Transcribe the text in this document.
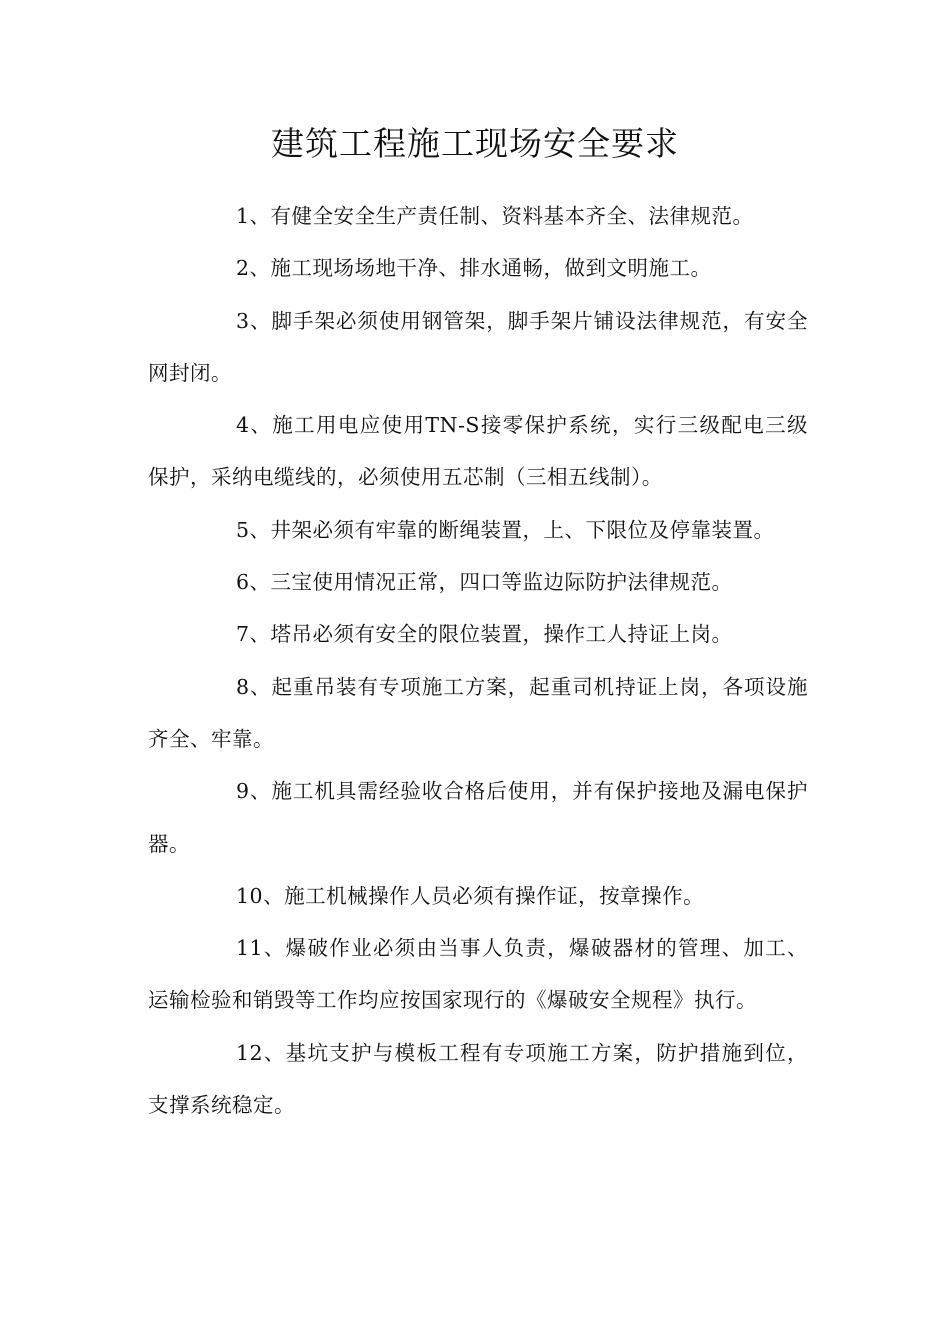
建筑工程施工现场安全要求

1、有健全安全生产责任制、资料基本齐全、法律规范。

2、施工现场场地干净、排水通畅，做到文明施工。

3、脚手架必须使用钢管架，脚手架片铺设法律规范，有安全网封闭。

4、施工用电应使用TN-S接零保护系统，实行三级配电三级保护，采纳电缆线的，必须使用五芯制（三相五线制）。

5、井架必须有牢靠的断绳装置，上、下限位及停靠装置。

6、三宝使用情况正常，四口等监边际防护法律规范。

7、塔吊必须有安全的限位装置，操作工人持证上岗。

8、起重吊装有专项施工方案，起重司机持证上岗，各项设施齐全、牢靠。

9、施工机具需经验收合格后使用，并有保护接地及漏电保护器。

10、施工机械操作人员必须有操作证，按章操作。

11、爆破作业必须由当事人负责，爆破器材的管理、加工、运输检验和销毁等工作均应按国家现行的《爆破安全规程》执行。

12、基坑支护与模板工程有专项施工方案，防护措施到位，支撑系统稳定。
